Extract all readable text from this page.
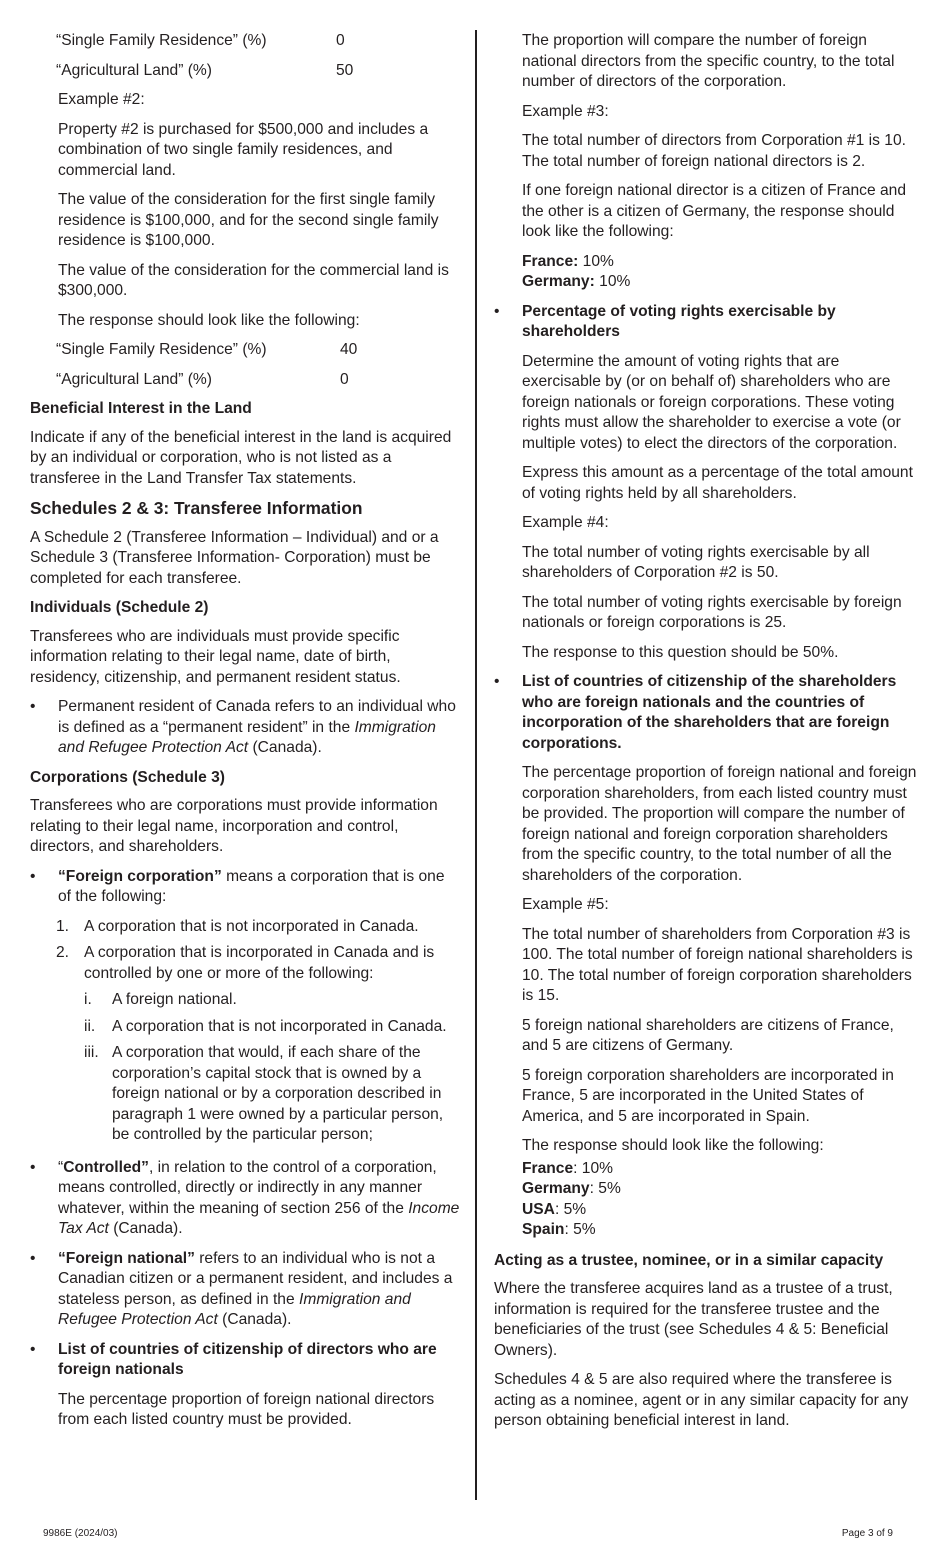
“Single Family Residence” (%)	0
“Agricultural Land” (%)	50

Example #2:

Property #2 is purchased for $500,000 and includes a combination of two single family residences, and commercial land.

The value of the consideration for the first single family residence is $100,000, and for the second single family residence is $100,000.

The value of the consideration for the commercial land is $300,000.

The response should look like the following:

“Single Family Residence” (%)	40
“Agricultural Land” (%)	0

Beneficial Interest in the Land

Indicate if any of the beneficial interest in the land is acquired by an individual or corporation, who is not listed as a transferee in the Land Transfer Tax statements.

Schedules 2 & 3: Transferee Information

A Schedule 2 (Transferee Information – Individual) and or a Schedule 3 (Transferee Information- Corporation) must be completed for each transferee.

Individuals (Schedule 2)

Transferees who are individuals must provide specific information relating to their legal name, date of birth, residency, citizenship, and permanent resident status.

• Permanent resident of Canada refers to an individual who is defined as a “permanent resident” in the Immigration and Refugee Protection Act (Canada).

Corporations (Schedule 3)

Transferees who are corporations must provide information relating to their legal name, incorporation and control, directors, and shareholders.

• “Foreign corporation” means a corporation that is one of the following:
1. A corporation that is not incorporated in Canada.
2. A corporation that is incorporated in Canada and is controlled by one or more of the following:
i. A foreign national.
ii. A corporation that is not incorporated in Canada.
iii. A corporation that would, if each share of the corporation’s capital stock that is owned by a foreign national or by a corporation described in paragraph 1 were owned by a particular person, be controlled by the particular person;
• “Controlled”, in relation to the control of a corporation, means controlled, directly or indirectly in any manner whatever, within the meaning of section 256 of the Income Tax Act (Canada).
• “Foreign national” refers to an individual who is not a Canadian citizen or a permanent resident, and includes a stateless person, as defined in the Immigration and Refugee Protection Act (Canada).
• List of countries of citizenship of directors who are foreign nationals

The percentage proportion of foreign national directors from each listed country must be provided.

The proportion will compare the number of foreign national directors from the specific country, to the total number of directors of the corporation.

Example #3:

The total number of directors from Corporation #1 is 10. The total number of foreign national directors is 2.

If one foreign national director is a citizen of France and the other is a citizen of Germany, the response should look like the following:

France: 10%

Germany: 10%

• Percentage of voting rights exercisable by shareholders

Determine the amount of voting rights that are exercisable by (or on behalf of) shareholders who are foreign nationals or foreign corporations. These voting rights must allow the shareholder to exercise a vote (or multiple votes) to elect the directors of the corporation.

Express this amount as a percentage of the total amount of voting rights held by all shareholders.

Example #4:

The total number of voting rights exercisable by all shareholders of Corporation #2 is 50.

The total number of voting rights exercisable by foreign nationals or foreign corporations is 25.

The response to this question should be 50%.

• List of countries of citizenship of the shareholders who are foreign nationals and the countries of incorporation of the shareholders that are foreign corporations.

The percentage proportion of foreign national and foreign corporation shareholders, from each listed country must be provided. The proportion will compare the number of foreign national and foreign corporation shareholders from the specific country, to the total number of all the shareholders of the corporation.

Example #5:

The total number of shareholders from Corporation #3 is 100. The total number of foreign national shareholders is 10. The total number of foreign corporation shareholders is 15.

5 foreign national shareholders are citizens of France, and 5 are citizens of Germany.

5 foreign corporation shareholders are incorporated in France, 5 are incorporated in the United States of America, and 5 are incorporated in Spain.

The response should look like the following:

France: 10%

Germany: 5%

USA: 5%

Spain: 5%

Acting as a trustee, nominee, or in a similar capacity

Where the transferee acquires land as a trustee of a trust, information is required for the transferee trustee and the beneficiaries of the trust (see Schedules 4 & 5: Beneficial Owners).

Schedules 4 & 5 are also required where the transferee is acting as a nominee, agent or in any similar capacity for any person obtaining beneficial interest in land.

9986E (2024/03)	Page 3 of 9
